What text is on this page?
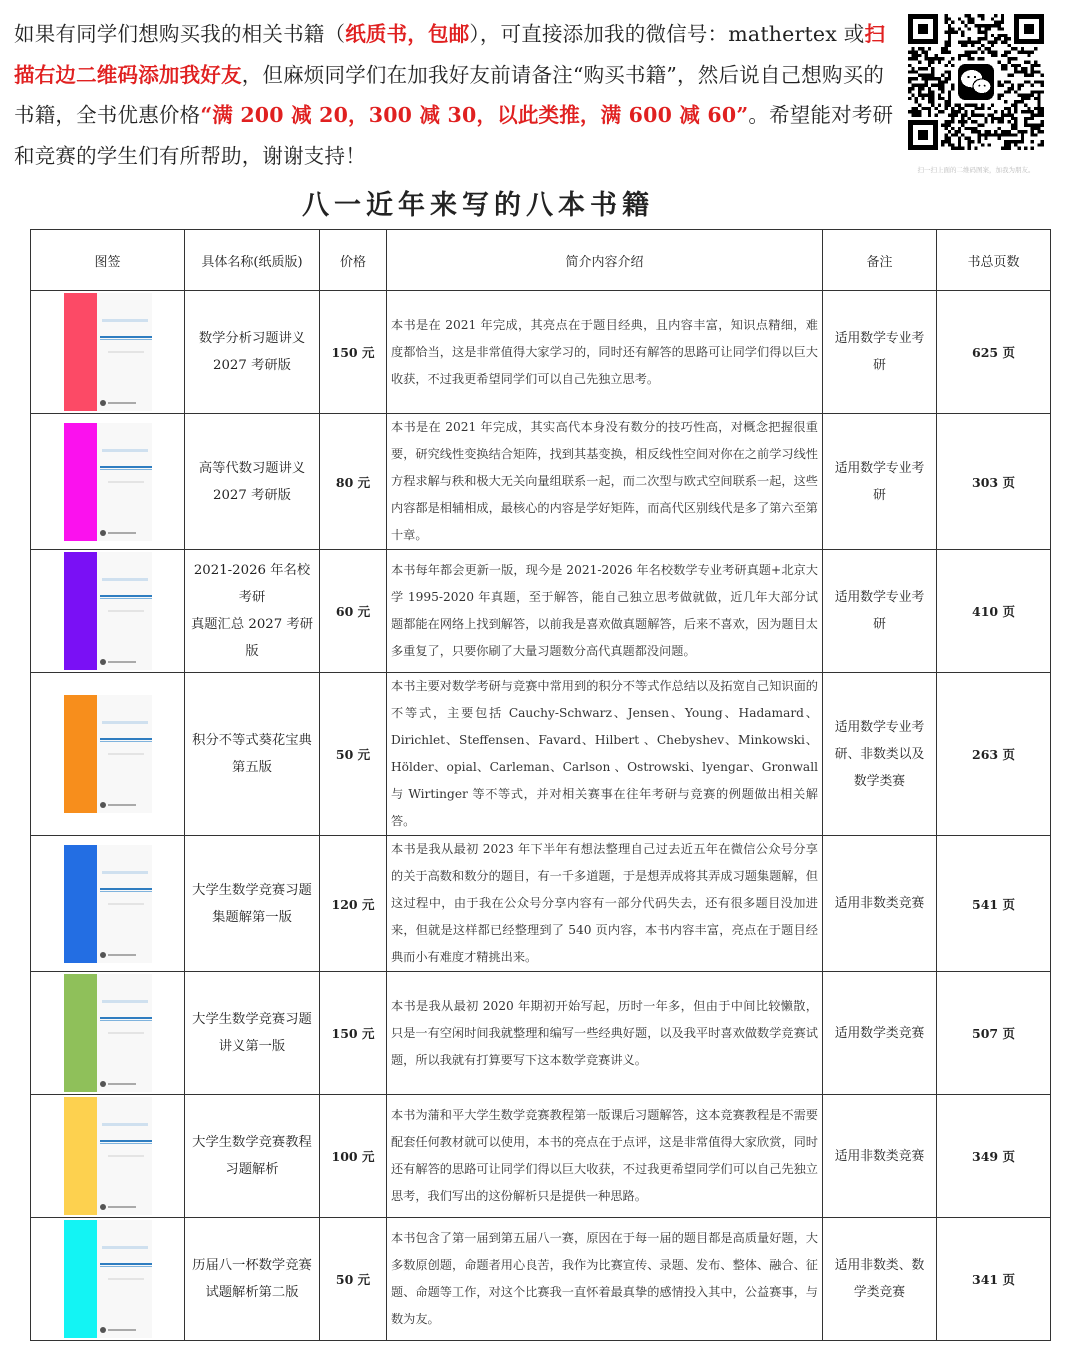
如果有同学们想购买我的相关书籍（纸质书，包邮），可直接添加我的微信号：mathertex 或扫描右边二维码添加我好友，但麻烦同学们在加我好友前请备注“购买书籍”，然后说自己想购买的书籍，全书优惠价格“满 200 减 20，300 减 30，以此类推，满 600 减 60”。希望能对考研和竞赛的学生们有所帮助，谢谢支持！
扫一扫上面的二维码图案，加我为朋友。
八一近年来写的八本书籍
图签	具体名称(纸质版)	价格	简介内容介绍	备注	书总页数

	数学分析习题讲义
2027 考研版	150 元	本书是在 2021 年完成，其亮点在于题目经典，且内容丰富，知识点精细，难度都恰当，这是非常值得大家学习的，同时还有解答的思路可让同学们得以巨大收获，不过我更希望同学们可以自己先独立思考。	适用数学专业考研	625 页

	高等代数习题讲义
2027 考研版	80 元	本书是在 2021 年完成，其实高代本身没有数分的技巧性高，对概念把握很重要，研究线性变换结合矩阵，找到其基变换，相反线性空间对你在之前学习线性方程求解与秩和极大无关向量组联系一起，而二次型与欧式空间联系一起，这些内容都是相辅相成，最核心的内容是学好矩阵，而高代区别线代是多了第六至第十章。	适用数学专业考研	303 页

	2021-2026 年名校考研
真题汇总 2027 考研版	60 元	本书每年都会更新一版，现今是 2021-2026 年名校数学专业考研真题+北京大学 1995-2020 年真题，至于解答，能自己独立思考做就做，近几年大部分试题都能在网络上找到解答，以前我是喜欢做真题解答，后来不喜欢，因为题目太多重复了，只要你刷了大量习题数分高代真题都没问题。	适用数学专业考研	410 页

	积分不等式葵花宝典
第五版	50 元	本书主要对数学考研与竞赛中常用到的积分不等式作总结以及拓宽自己知识面的不等式，主要包括 Cauchy-Schwarz、Jensen、Young、Hadamard、Dirichlet、Steffensen、Favard、Hilbert 、Chebyshev、Minkowski、Hölder、opial、Carleman、Carlson 、Ostrowski、lyengar、Gronwall 与 Wirtinger 等不等式，并对相关赛事在往年考研与竞赛的例题做出相关解答。	适用数学专业考研、非数类以及数学类赛	263 页

	大学生数学竞赛习题
集题解第一版	120 元	本书是我从最初 2023 年下半年有想法整理自己过去近五年在微信公众号分享的关于高数和数分的题目，有一千多道题，于是想弄成将其弄成习题集题解，但这过程中，由于我在公众号分享内容有一部分代码失去，还有很多题目没加进来，但就是这样都已经整理到了 540 页内容，本书内容丰富，亮点在于题目经典而小有难度才精挑出来。	适用非数类竞赛	541 页

	大学生数学竞赛习题
讲义第一版	150 元	本书是我从最初 2020 年期初开始写起，历时一年多，但由于中间比较懒散，只是一有空闲时间我就整理和编写一些经典好题，以及我平时喜欢做数学竞赛试题，所以我就有打算要写下这本数学竞赛讲义。	适用数学类竞赛	507 页

	大学生数学竞赛教程
习题解析	100 元	本书为蒲和平大学生数学竞赛教程第一版课后习题解答，这本竞赛教程是不需要配套任何教材就可以使用，本书的亮点在于点评，这是非常值得大家欣赏，同时还有解答的思路可让同学们得以巨大收获，不过我更希望同学们可以自己先独立思考，我们写出的这份解析只是提供一种思路。	适用非数类竞赛	349 页

	历届八一杯数学竞赛
试题解析第二版	50 元	本书包含了第一届到第五届八一赛，原因在于每一届的题目都是高质量好题，大多数原创题，命题者用心良苦，我作为比赛宣传、录题、发布、整体、融合、征题、命题等工作，对这个比赛我一直怀着最真挚的感情投入其中，公益赛事，与数为友。	适用非数类、数学类竞赛	341 页
